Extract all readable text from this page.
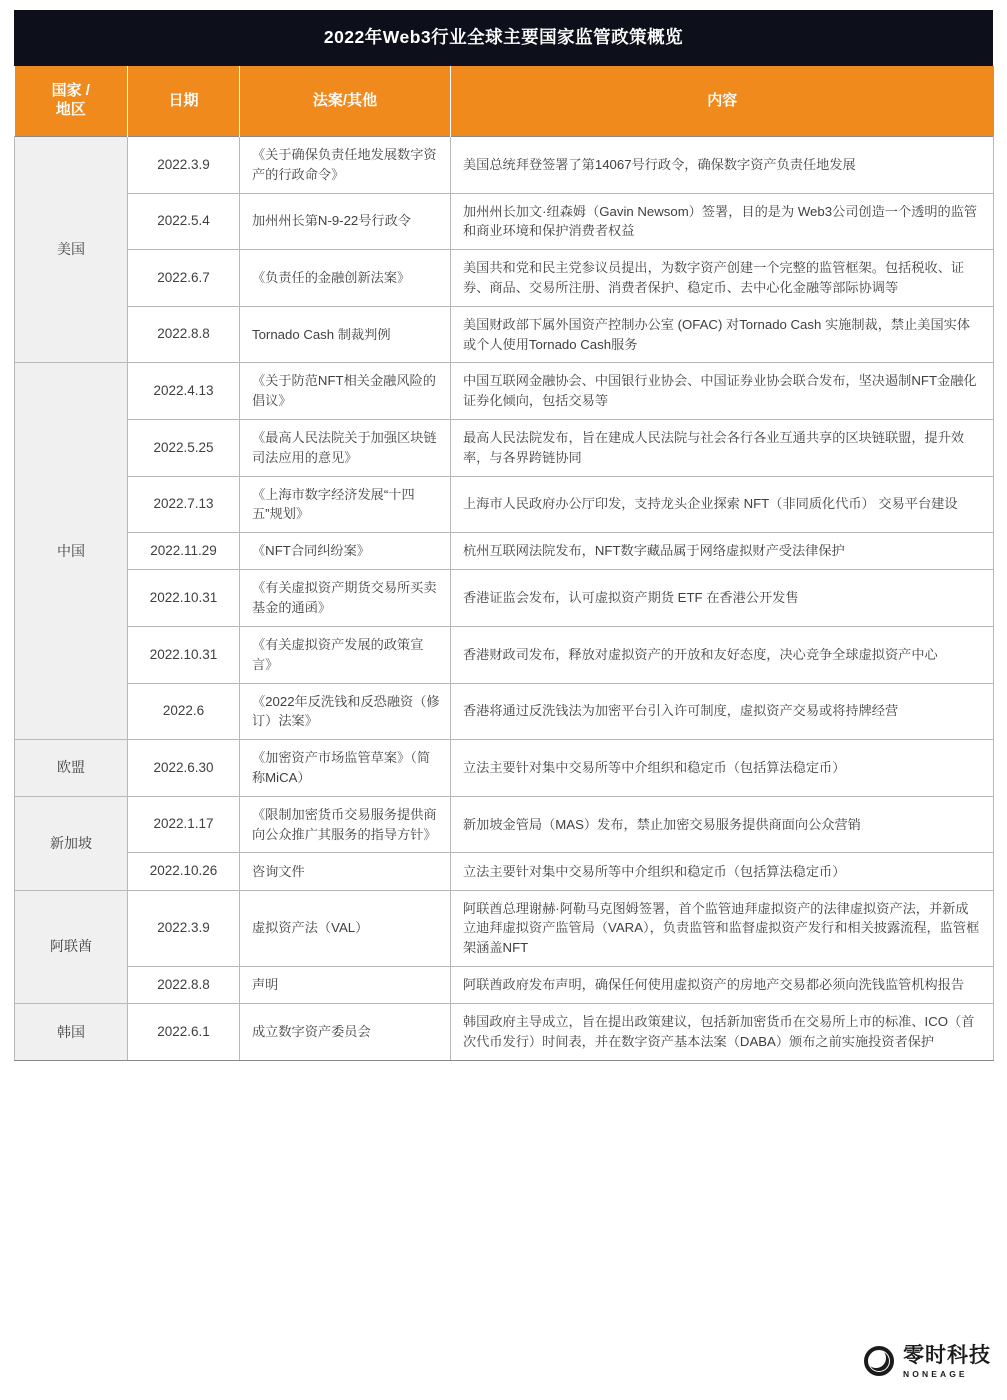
2022年Web3行业全球主要国家监管政策概览
国家 /
地区	日期	法案/其他	内容
美国	2022.3.9	《关于确保负责任地发展数字资产的行政命令》	美国总统拜登签署了第14067号行政令，确保数字资产负责任地发展
	2022.5.4	加州州长第N-9-22号行政令	加州州长加文·纽森姆（Gavin Newsom）签署，目的是为 Web3公司创造一个透明的监管和商业环境和保护消费者权益
	2022.6.7	《负责任的金融创新法案》	美国共和党和民主党参议员提出，为数字资产创建一个完整的监管框架。包括税收、证券、商品、交易所注册、消费者保护、稳定币、去中心化金融等部际协调等
	2022.8.8	Tornado Cash 制裁判例	美国财政部下属外国资产控制办公室 (OFAC) 对Tornado Cash 实施制裁，禁止美国实体或个人使用Tornado Cash服务
中国	2022.4.13	《关于防范NFT相关金融风险的倡议》	中国互联网金融协会、中国银行业协会、中国证券业协会联合发布，坚决遏制NFT金融化证券化倾向，包括交易等
	2022.5.25	《最高人民法院关于加强区块链司法应用的意见》	最高人民法院发布，旨在建成人民法院与社会各行各业互通共享的区块链联盟，提升效率，与各界跨链协同
	2022.7.13	《上海市数字经济发展“十四五”规划》	上海市人民政府办公厅印发，支持龙头企业探索 NFT（非同质化代币） 交易平台建设
	2022.11.29	《NFT合同纠纷案》	杭州互联网法院发布，NFT数字藏品属于网络虚拟财产受法律保护
	2022.10.31	《有关虚拟资产期货交易所买卖基金的通函》	香港证监会发布，认可虚拟资产期货 ETF 在香港公开发售
	2022.10.31	《有关虚拟资产发展的政策宣言》	香港财政司发布，释放对虚拟资产的开放和友好态度，决心竞争全球虚拟资产中心
	2022.6	《2022年反洗钱和反恐融资（修订）法案》	香港将通过反洗钱法为加密平台引入许可制度，虚拟资产交易或将持牌经营
欧盟	2022.6.30	《加密资产市场监管草案》（简称MiCA）	立法主要针对集中交易所等中介组织和稳定币（包括算法稳定币）
新加坡	2022.1.17	《限制加密货币交易服务提供商向公众推广其服务的指导方针》	新加坡金管局（MAS）发布，禁止加密交易服务提供商面向公众营销
	2022.10.26	咨询文件	立法主要针对集中交易所等中介组织和稳定币（包括算法稳定币）
阿联酋	2022.3.9	虚拟资产法（VAL）	阿联酋总理谢赫·阿勒马克图姆签署，首个监管迪拜虚拟资产的法律虚拟资产法，并新成立迪拜虚拟资产监管局（VARA），负责监管和监督虚拟资产发行和相关披露流程，监管框架涵盖NFT
	2022.8.8	声明	阿联酋政府发布声明，确保任何使用虚拟资产的房地产交易都必须向洗钱监管机构报告
韩国	2022.6.1	成立数字资产委员会	韩国政府主导成立，旨在提出政策建议，包括新加密货币在交易所上市的标准、ICO（首次代币发行）时间表，并在数字资产基本法案（DABA）颁布之前实施投资者保护
零时科技
NONEAGE
